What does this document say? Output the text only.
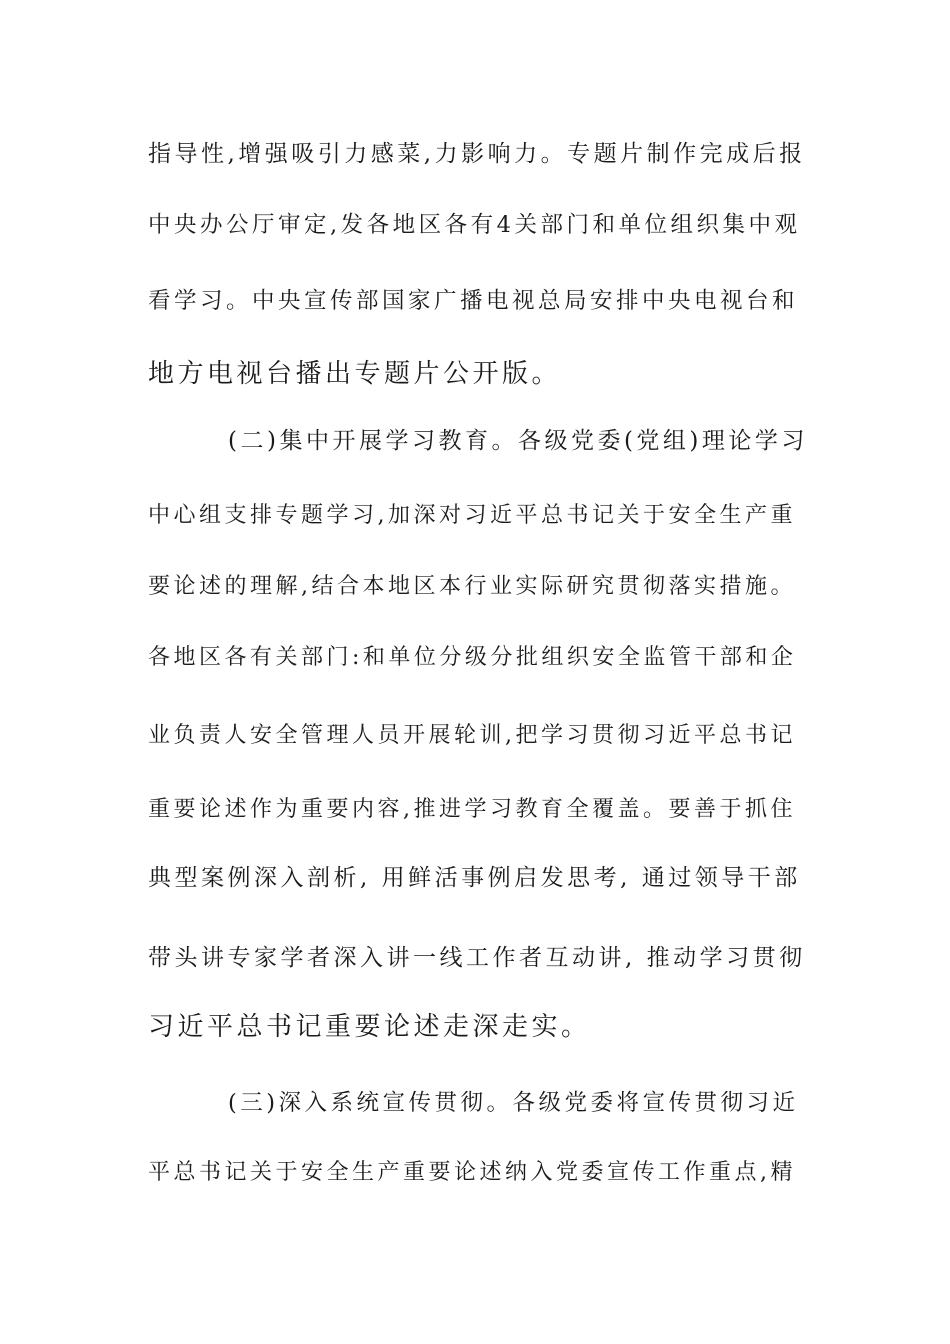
指导性,增强吸引力感菜,力影响力。专题片制作完成后报
中央办公厅审定,发各地区各有4关部门和单位组织集中观
看学习。中央宣传部国家广播电视总局安排中央电视台和
地方电视台播出专题片公开版。
(二)集中开展学习教育。各级党委(党组)理论学习
中心组支排专题学习,加深对习近平总书记关于安全生产重
要论述的理解,结合本地区本行业实际研究贯彻落实措施。
各地区各有关部门:和单位分级分批组织安全监管干部和企
业负责人安全管理人员开展轮训,把学习贯彻习近平总书记
重要论述作为重要内容,推进学习教育全覆盖。要善于抓住
典型案例深入剖析, 用鲜活事例启发思考, 通过领导干部
带头讲专家学者深入讲一线工作者互动讲, 推动学习贯彻
习近平总书记重要论述走深走实。
(三)深入系统宣传贯彻。各级党委将宣传贯彻习近
平总书记关于安全生产重要论述纳入党委宣传工作重点,精
